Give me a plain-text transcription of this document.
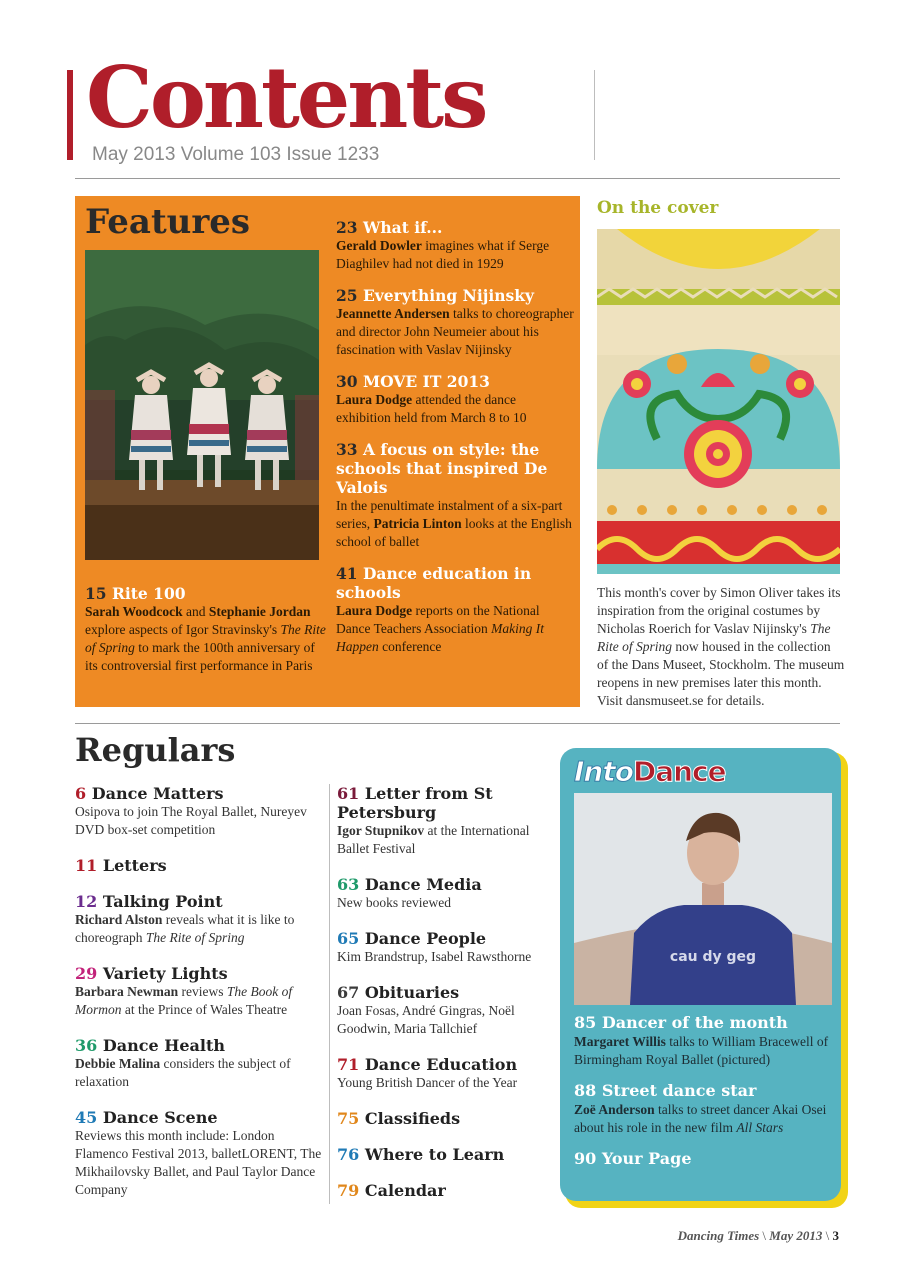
Contents
May 2013 Volume 103 Issue 1233
Features
15 Rite 100
Sarah Woodcock and Stephanie Jordan explore aspects of Igor Stravinsky's The Rite of Spring to mark the 100th anniversary of its controversial first performance in Paris
23 What if...
Gerald Dowler imagines what if Serge Diaghilev had not died in 1929
25 Everything Nijinsky
Jeannette Andersen talks to choreographer and director John Neumeier about his fascination with Vaslav Nijinsky
30 MOVE IT 2013
Laura Dodge attended the dance exhibition held from March 8 to 10
33 A focus on style: the schools that inspired De Valois
In the penultimate instalment of a six-part series, Patricia Linton looks at the English school of ballet
41 Dance education in schools
Laura Dodge reports on the National Dance Teachers Association Making It Happen conference
On the cover
This month's cover by Simon Oliver takes its inspiration from the original costumes by Nicholas Roerich for Vaslav Nijinsky's The Rite of Spring now housed in the collection of the Dans Museet, Stockholm. The museum reopens in new premises later this month. Visit dansmuseet.se for details.
Regulars
6 Dance Matters
Osipova to join The Royal Ballet, Nureyev DVD box-set competition
11 Letters
12 Talking Point
Richard Alston reveals what it is like to choreograph The Rite of Spring
29 Variety Lights
Barbara Newman reviews The Book of Mormon at the Prince of Wales Theatre
36 Dance Health
Debbie Malina considers the subject of relaxation
45 Dance Scene
Reviews this month include: London Flamenco Festival 2013, balletLORENT, The Mikhailovsky Ballet, and Paul Taylor Dance Company
61 Letter from St Petersburg
Igor Stupnikov at the International Ballet Festival
63 Dance Media
New books reviewed
65 Dance People
Kim Brandstrup, Isabel Rawsthorne
67 Obituaries
Joan Fosas, André Gingras, Noël Goodwin, Maria Tallchief
71 Dance Education
Young British Dancer of the Year
75 Classifieds
76 Where to Learn
79 Calendar
IntoDance
cau dy geg
85 Dancer of the month
Margaret Willis talks to William Bracewell of Birmingham Royal Ballet (pictured)
88 Street dance star
Zoë Anderson talks to street dancer Akai Osei about his role in the new film All Stars
90 Your Page
Dancing Times \ May 2013 \ 3
